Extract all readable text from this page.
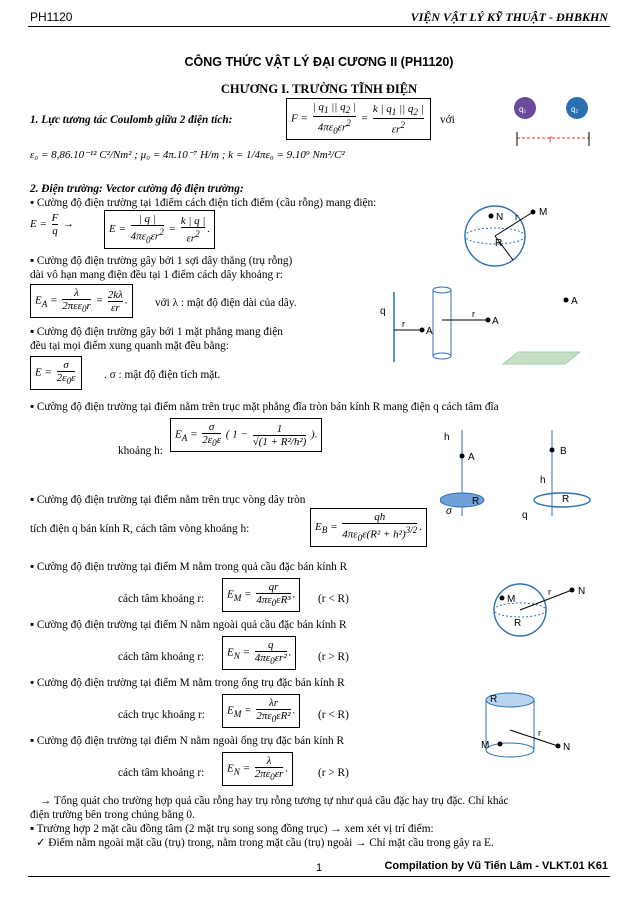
PH1120	VIỆN VẬT LÝ KỸ THUẬT - ĐHBKHN
CÔNG THỨC VẬT LÝ ĐẠI CƯƠNG II (PH1120)
CHƯƠNG I. TRƯỜNG TĨNH ĐIỆN
1. Lực tương tác Coulomb giữa 2 điện tích:	$F = \frac{| q_1 || q_2 |}{4\pi\varepsilon_0\varepsilon r^2} = \frac{k | q_1 || q_2 |}{\varepsilon r^2}$ với
ε₀ = 8,86.10⁻¹² C²/Nm² ; μ₀ = 4π.10⁻⁷ H/m ; k = 1/4πε₀ = 9.10⁹ Nm²/C²
q₁	q₂
r
2. Điện trường: Vector cường độ điện trường:
▪ Cường độ điện trường tại 1điểm cách điện tích điểm (cầu rỗng) mang điện:
$E = \frac{F}{q}$ →	$E = \frac{| q |}{4\pi\varepsilon_0\varepsilon r^2} = \frac{k | q |}{\varepsilon r^2}$ .
N	M
r
R
▪ Cường độ điện trường gây bởi 1 sợi dây thẳng (trụ rỗng)
dài vô hạn mang điện đều tại 1 điểm cách dây khoảng r:
$E_A = \frac{\lambda}{2\pi\varepsilon\varepsilon_0r} = \frac{2k\lambda}{\varepsilon r}$ .	với λ : mật độ điện dài của dây.
▪ Cường độ điện trường gây bởi 1 mặt phẳng mang điện
đều tại mọi điểm xung quanh mặt đều bằng:
$E = \frac{\sigma}{2\varepsilon_0\varepsilon}$	. σ : mật độ điện tích mặt.
q
r
A
r
A
A
▪ Cường độ điện trường tại điểm nằm trên trục mặt phẳng đĩa tròn bán kính R mang điện q cách tâm đĩa
khoảng h:
$E_A = \frac{\sigma}{2\varepsilon_0\varepsilon}$ ( $1 - \frac{1}{\text{√(1 + R²/h²)}}$ ).	h
A
R
σ
B
h
R
q
▪ Cường độ điện trường tại điểm nằm trên trục vòng dây tròn
tích điện q bán kính R, cách tâm vòng khoảng h:	$E_B = \frac{qh}{4\pi\varepsilon_0\varepsilon(R^2 + h^2)^{3/2}}$ .
▪ Cường độ điện trường tại điểm M nằm trong quả cầu đặc bán kính R
cách tâm khoảng r:	$E_M = \frac{qr}{4\pi\varepsilon_0\varepsilon R^3}$ .	(r < R)
▪ Cường độ điện trường tại điểm N nằm ngoài quả cầu đặc bán kính R
cách tâm khoảng r:	$E_N = \frac{q}{4\pi\varepsilon_0\varepsilon r^2}$ .	(r > R)
M
N
r
R
▪ Cường độ điện trường tại điểm M nằm trong ống trụ đặc bán kính R
cách trục khoảng r:	$E_M = \frac{\lambda r}{2\pi\varepsilon_0\varepsilon R^2}$ .	(r < R)
▪ Cường độ điện trường tại điểm N nằm ngoài ống trụ đặc bán kính R
cách tâm khoảng r:	$E_N = \frac{\lambda}{2\pi\varepsilon_0\varepsilon r}$ .	(r > R)
R
M	N
r
→ Tổng quát cho trường hợp quả cầu rỗng hay trụ rỗng tương tự như quả cầu đặc hay trụ đặc. Chỉ khác
điện trường bên trong chúng bằng 0.
▪ Trường hợp 2 mặt cầu đồng tâm (2 mặt trụ song song đồng trục) → xem xét vị trí điểm:
✓ Điểm nằm ngoài mặt cầu (trụ) trong, nằm trong mặt cầu (trụ) ngoài → Chỉ mặt cầu trong gây ra E.
1	Compilation by Vũ Tiến Lâm - VLKT.01 K61
